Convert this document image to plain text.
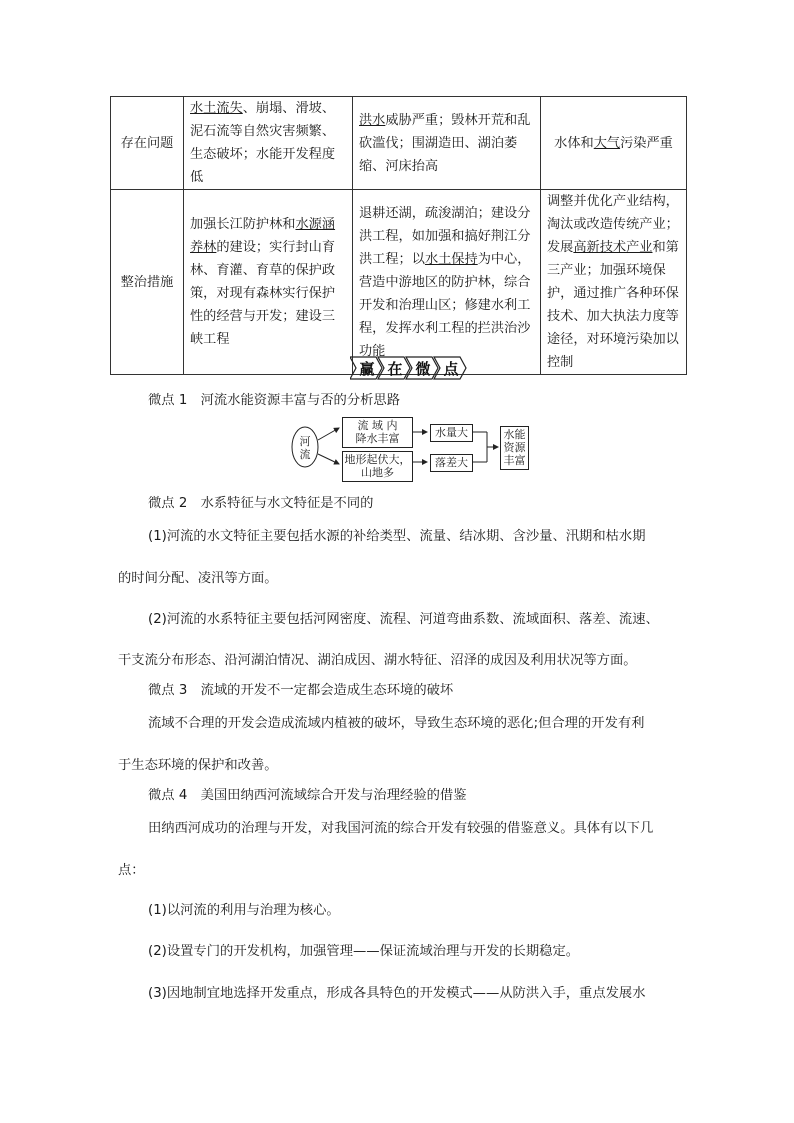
存在问题	水土流失、崩塌、滑坡、泥石流等自然灾害频繁、生态破坏；水能开发程度低	洪水威胁严重；毁林开荒和乱砍滥伐；围湖造田、湖泊萎缩、河床抬高	水体和大气污染严重
整治措施	加强长江防护林和水源涵养林的建设；实行封山育林、育灌、育草的保护政策，对现有森林实行保护性的经营与开发；建设三峡工程	退耕还湖，疏浚湖泊；建设分洪工程，如加强和搞好荆江分洪工程；以水土保持为中心，营造中游地区的防护林，综合开发和治理山区；修建水利工程，发挥水利工程的拦洪治沙功能	调整并优化产业结构，淘汰或改造传统产业；发展高新技术产业和第三产业；加强环境保护，通过推广各种环保技术、加大执法力度等途径，对环境污染加以控制
赢 在 微 点
微点 1　河流水能资源丰富与否的分析思路
河流
流 域 内
降水丰富
地形起伏大，
山地多
水量大
落差大
水能
资源
丰富
微点 2　水系特征与水文特征是不同的
(1)河流的水文特征主要包括水源的补给类型、流量、结冰期、含沙量、汛期和枯水期
的时间分配、凌汛等方面。
(2)河流的水系特征主要包括河网密度、流程、河道弯曲系数、流域面积、落差、流速、
干支流分布形态、沿河湖泊情况、湖泊成因、湖水特征、沼泽的成因及利用状况等方面。
微点 3　流域的开发不一定都会造成生态环境的破坏
流域不合理的开发会造成流域内植被的破坏，导致生态环境的恶化;但合理的开发有利
于生态环境的保护和改善。
微点 4　美国田纳西河流域综合开发与治理经验的借鉴
田纳西河成功的治理与开发，对我国河流的综合开发有较强的借鉴意义。具体有以下几
点：
(1)以河流的利用与治理为核心。
(2)设置专门的开发机构，加强管理——保证流域治理与开发的长期稳定。
(3)因地制宜地选择开发重点，形成各具特色的开发模式——从防洪入手，重点发展水
